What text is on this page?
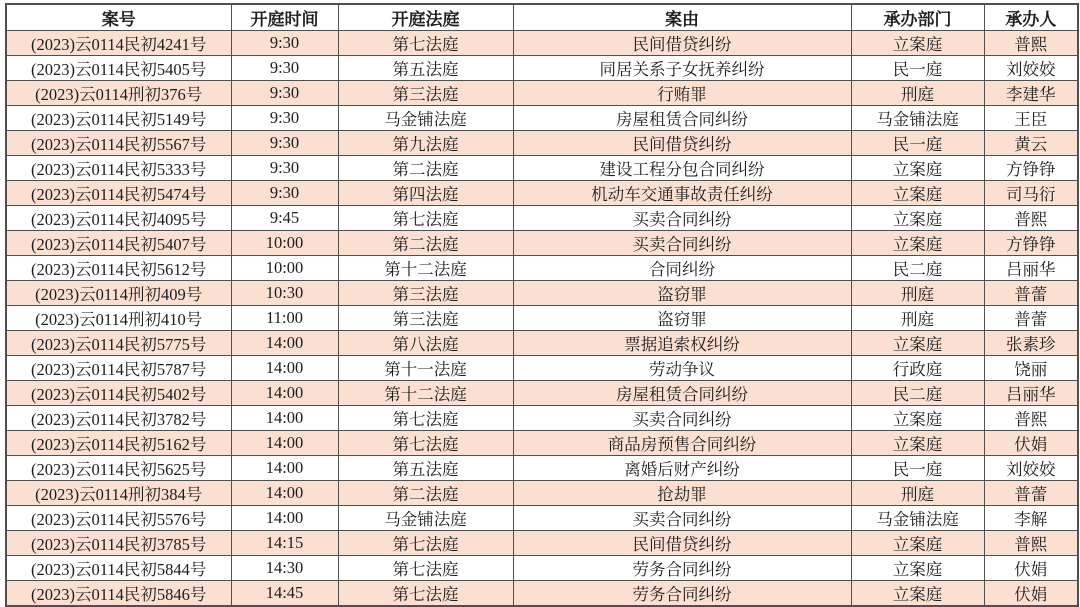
案号	开庭时间	开庭法庭	案由	承办部门	承办人
(2023)云0114民初4241号	9:30	第七法庭	民间借贷纠纷	立案庭	普熙
(2023)云0114民初5405号	9:30	第五法庭	同居关系子女抚养纠纷	民一庭	刘姣姣
(2023)云0114刑初376号	9:30	第三法庭	行贿罪	刑庭	李建华
(2023)云0114民初5149号	9:30	马金铺法庭	房屋租赁合同纠纷	马金铺法庭	王臣
(2023)云0114民初5567号	9:30	第九法庭	民间借贷纠纷	民一庭	黄云
(2023)云0114民初5333号	9:30	第二法庭	建设工程分包合同纠纷	立案庭	方铮铮
(2023)云0114民初5474号	9:30	第四法庭	机动车交通事故责任纠纷	立案庭	司马衍
(2023)云0114民初4095号	9:45	第七法庭	买卖合同纠纷	立案庭	普熙
(2023)云0114民初5407号	10:00	第二法庭	买卖合同纠纷	立案庭	方铮铮
(2023)云0114民初5612号	10:00	第十二法庭	合同纠纷	民二庭	吕丽华
(2023)云0114刑初409号	10:30	第三法庭	盗窃罪	刑庭	普蕾
(2023)云0114刑初410号	11:00	第三法庭	盗窃罪	刑庭	普蕾
(2023)云0114民初5775号	14:00	第八法庭	票据追索权纠纷	立案庭	张素珍
(2023)云0114民初5787号	14:00	第十一法庭	劳动争议	行政庭	饶丽
(2023)云0114民初5402号	14:00	第十二法庭	房屋租赁合同纠纷	民二庭	吕丽华
(2023)云0114民初3782号	14:00	第七法庭	买卖合同纠纷	立案庭	普熙
(2023)云0114民初5162号	14:00	第七法庭	商品房预售合同纠纷	立案庭	伏娟
(2023)云0114民初5625号	14:00	第五法庭	离婚后财产纠纷	民一庭	刘姣姣
(2023)云0114刑初384号	14:00	第二法庭	抢劫罪	刑庭	普蕾
(2023)云0114民初5576号	14:00	马金铺法庭	买卖合同纠纷	马金铺法庭	李解
(2023)云0114民初3785号	14:15	第七法庭	民间借贷纠纷	立案庭	普熙
(2023)云0114民初5844号	14:30	第七法庭	劳务合同纠纷	立案庭	伏娟
(2023)云0114民初5846号	14:45	第七法庭	劳务合同纠纷	立案庭	伏娟
